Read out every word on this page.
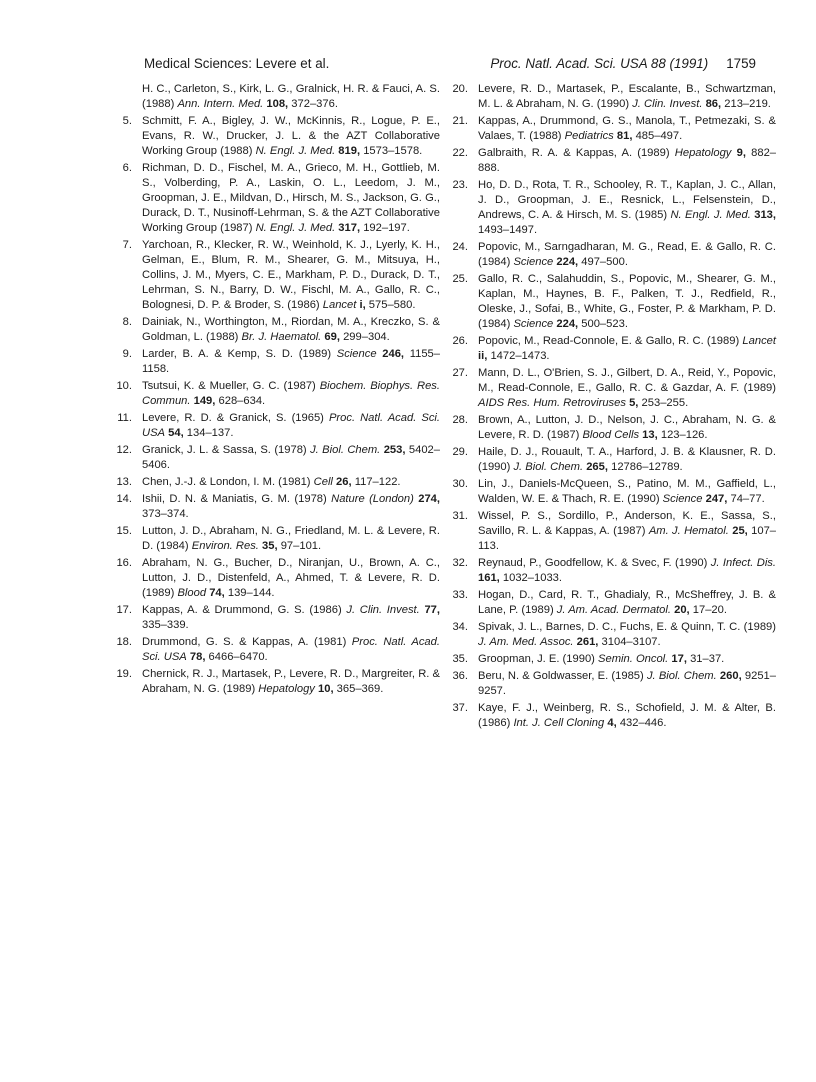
Medical Sciences: Levere et al.	Proc. Natl. Acad. Sci. USA 88 (1991) 1759
H. C., Carleton, S., Kirk, L. G., Gralnick, H. R. & Fauci, A. S. (1988) Ann. Intern. Med. 108, 372–376.
5. Schmitt, F. A., Bigley, J. W., McKinnis, R., Logue, P. E., Evans, R. W., Drucker, J. L. & the AZT Collaborative Working Group (1988) N. Engl. J. Med. 819, 1573–1578.
6. Richman, D. D., Fischel, M. A., Grieco, M. H., Gottlieb, M. S., Volberding, P. A., Laskin, O. L., Leedom, J. M., Groopman, J. E., Mildvan, D., Hirsch, M. S., Jackson, G. G., Durack, D. T., Nusinoff-Lehrman, S. & the AZT Collaborative Working Group (1987) N. Engl. J. Med. 317, 192–197.
7. Yarchoan, R., Klecker, R. W., Weinhold, K. J., Lyerly, K. H., Gelman, E., Blum, R. M., Shearer, G. M., Mitsuya, H., Collins, J. M., Myers, C. E., Markham, P. D., Durack, D. T., Lehrman, S. N., Barry, D. W., Fischl, M. A., Gallo, R. C., Bolognesi, D. P. & Broder, S. (1986) Lancet i, 575–580.
8. Dainiak, N., Worthington, M., Riordan, M. A., Kreczko, S. & Goldman, L. (1988) Br. J. Haematol. 69, 299–304.
9. Larder, B. A. & Kemp, S. D. (1989) Science 246, 1155–1158.
10. Tsutsui, K. & Mueller, G. C. (1987) Biochem. Biophys. Res. Commun. 149, 628–634.
11. Levere, R. D. & Granick, S. (1965) Proc. Natl. Acad. Sci. USA 54, 134–137.
12. Granick, J. L. & Sassa, S. (1978) J. Biol. Chem. 253, 5402–5406.
13. Chen, J.-J. & London, I. M. (1981) Cell 26, 117–122.
14. Ishii, D. N. & Maniatis, G. M. (1978) Nature (London) 274, 373–374.
15. Lutton, J. D., Abraham, N. G., Friedland, M. L. & Levere, R. D. (1984) Environ. Res. 35, 97–101.
16. Abraham, N. G., Bucher, D., Niranjan, U., Brown, A. C., Lutton, J. D., Distenfeld, A., Ahmed, T. & Levere, R. D. (1989) Blood 74, 139–144.
17. Kappas, A. & Drummond, G. S. (1986) J. Clin. Invest. 77, 335–339.
18. Drummond, G. S. & Kappas, A. (1981) Proc. Natl. Acad. Sci. USA 78, 6466–6470.
19. Chernick, R. J., Martasek, P., Levere, R. D., Margreiter, R. & Abraham, N. G. (1989) Hepatology 10, 365–369.
20. Levere, R. D., Martasek, P., Escalante, B., Schwartzman, M. L. & Abraham, N. G. (1990) J. Clin. Invest. 86, 213–219.
21. Kappas, A., Drummond, G. S., Manola, T., Petmezaki, S. & Valaes, T. (1988) Pediatrics 81, 485–497.
22. Galbraith, R. A. & Kappas, A. (1989) Hepatology 9, 882–888.
23. Ho, D. D., Rota, T. R., Schooley, R. T., Kaplan, J. C., Allan, J. D., Groopman, J. E., Resnick, L., Felsenstein, D., Andrews, C. A. & Hirsch, M. S. (1985) N. Engl. J. Med. 313, 1493–1497.
24. Popovic, M., Sarngadharan, M. G., Read, E. & Gallo, R. C. (1984) Science 224, 497–500.
25. Gallo, R. C., Salahuddin, S., Popovic, M., Shearer, G. M., Kaplan, M., Haynes, B. F., Palken, T. J., Redfield, R., Oleske, J., Sofai, B., White, G., Foster, P. & Markham, P. D. (1984) Science 224, 500–523.
26. Popovic, M., Read-Connole, E. & Gallo, R. C. (1989) Lancet ii, 1472–1473.
27. Mann, D. L., O'Brien, S. J., Gilbert, D. A., Reid, Y., Popovic, M., Read-Connole, E., Gallo, R. C. & Gazdar, A. F. (1989) AIDS Res. Hum. Retroviruses 5, 253–255.
28. Brown, A., Lutton, J. D., Nelson, J. C., Abraham, N. G. & Levere, R. D. (1987) Blood Cells 13, 123–126.
29. Haile, D. J., Rouault, T. A., Harford, J. B. & Klausner, R. D. (1990) J. Biol. Chem. 265, 12786–12789.
30. Lin, J., Daniels-McQueen, S., Patino, M. M., Gaffield, L., Walden, W. E. & Thach, R. E. (1990) Science 247, 74–77.
31. Wissel, P. S., Sordillo, P., Anderson, K. E., Sassa, S., Savillo, R. L. & Kappas, A. (1987) Am. J. Hematol. 25, 107–113.
32. Reynaud, P., Goodfellow, K. & Svec, F. (1990) J. Infect. Dis. 161, 1032–1033.
33. Hogan, D., Card, R. T., Ghadialy, R., McSheffrey, J. B. & Lane, P. (1989) J. Am. Acad. Dermatol. 20, 17–20.
34. Spivak, J. L., Barnes, D. C., Fuchs, E. & Quinn, T. C. (1989) J. Am. Med. Assoc. 261, 3104–3107.
35. Groopman, J. E. (1990) Semin. Oncol. 17, 31–37.
36. Beru, N. & Goldwasser, E. (1985) J. Biol. Chem. 260, 9251–9257.
37. Kaye, F. J., Weinberg, R. S., Schofield, J. M. & Alter, B. (1986) Int. J. Cell Cloning 4, 432–446.
